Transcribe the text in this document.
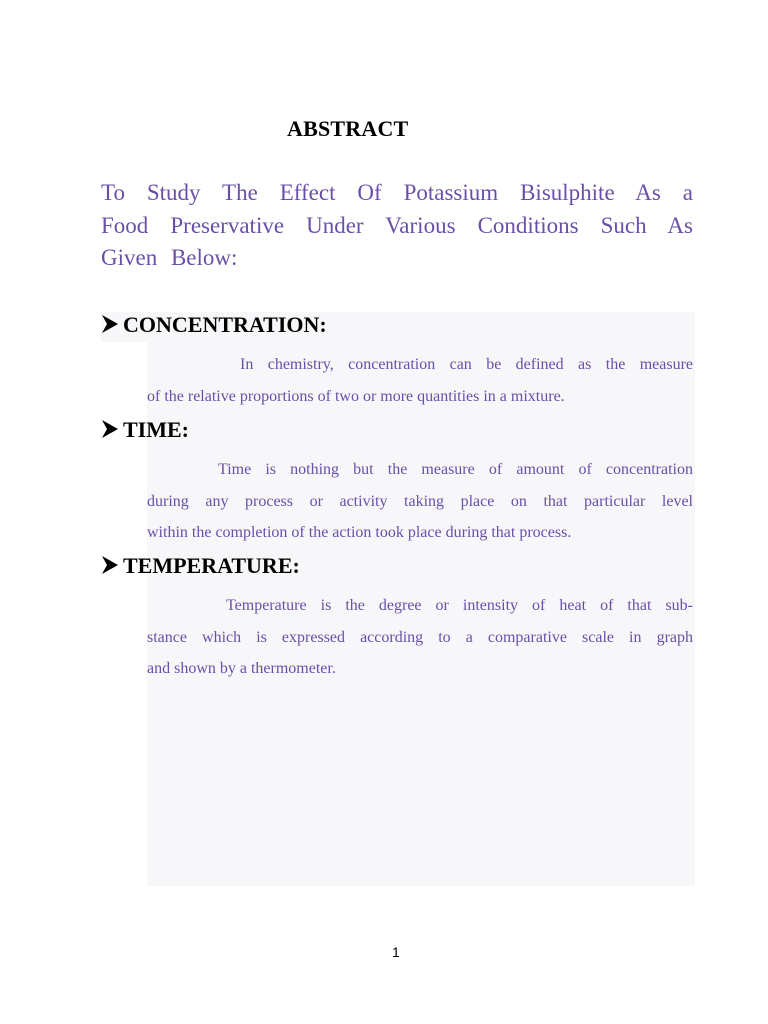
ABSTRACT
To Study The Effect Of Potassium Bisulphite As a
Food Preservative Under Various Conditions Such As
Given Below:
CONCENTRATION:
In chemistry, concentration can be defined as the measure
of the relative proportions of two or more quantities in a mixture.
TIME:
Time is nothing but the measure of amount of concentration
during any process or activity taking place on that particular level
within the completion of the action took place during that process.
TEMPERATURE:
Temperature is the degree or intensity of heat of that sub-
stance which is expressed according to a comparative scale in graph
and shown by a thermometer.
1
